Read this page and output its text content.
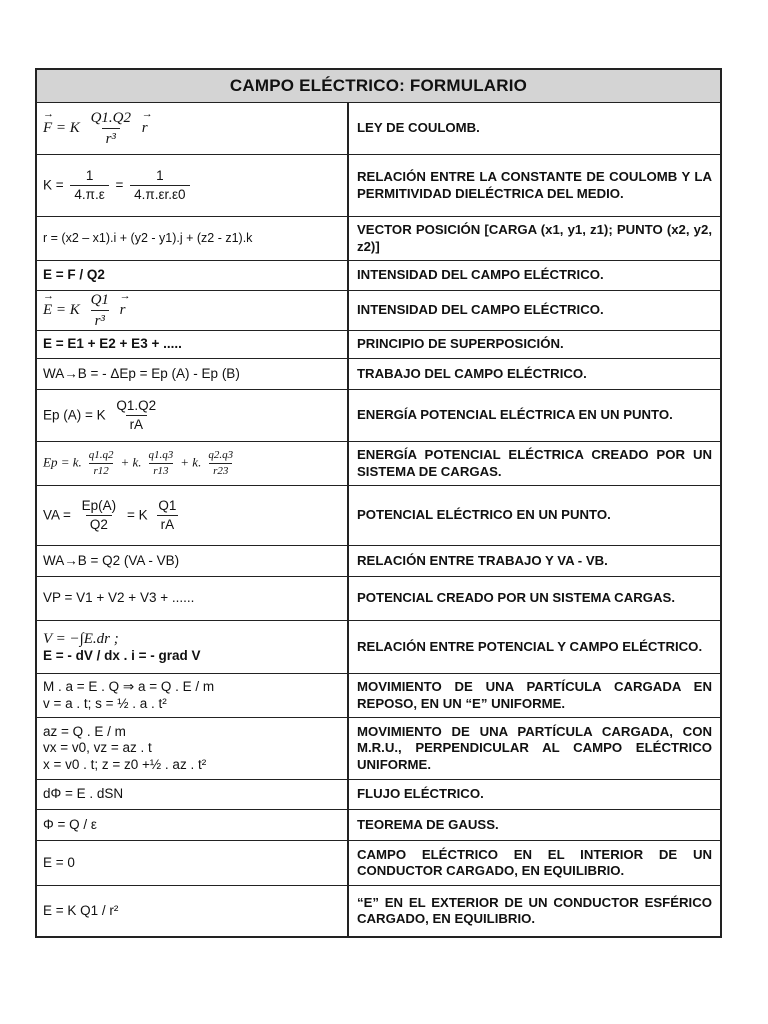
CAMPO ELÉCTRICO: FORMULARIO
→ F = K $\frac{Q1.Q2}{\text{r³}}$
→ r	LEY DE COULOMB.
$K = \frac{1}{4.\pi.\varepsilon} = \frac{1}{4.\pi.\varepsilon r.\varepsilon 0}$	RELACIÓN ENTRE LA CONSTANTE DE COULOMB Y LA PERMITIVIDAD DIELÉCTRICA DEL MEDIO.
r = (x2 – x1).i + (y2 - y1).j + (z2 - z1).k
VECTOR POSICIÓN [CARGA (x1, y1, z1); PUNTO (x2, y2, z2)]
E = F / Q2	INTENSIDAD DEL CAMPO ELÉCTRICO.
→ E = K $\frac{Q1}{\text{r³}}$
→ r	INTENSIDAD DEL CAMPO ELÉCTRICO.
E = E1 + E2 + E3 + .....	PRINCIPIO DE SUPERPOSICIÓN.
WA→B = - ΔEp = Ep (A) - Ep (B)	TRABAJO DEL CAMPO ELÉCTRICO.
Ep (A) = K $\frac{Q1.Q2}{rA}$	ENERGÍA POTENCIAL ELÉCTRICA EN UN PUNTO.
Ep = k. $\frac{q1.q2}{r12} + k$. $\frac{q1.q3}{r13} + k$. $\frac{q2.q3}{r23}$	ENERGÍA POTENCIAL ELÉCTRICA CREADO POR UN SISTEMA DE CARGAS.
VA = $\frac{Ep(A)}{Q2} = K \frac{Q1}{rA}$	POTENCIAL ELÉCTRICO EN UN PUNTO.
WA→B = Q2 (VA - VB)	RELACIÓN ENTRE TRABAJO Y VA - VB.
VP = V1 + V2 + V3 + ......	POTENCIAL CREADO POR UN SISTEMA CARGAS.
V = −∫E.dr ;
E = - dV / dx . i = - grad V
RELACIÓN ENTRE POTENCIAL Y CAMPO ELÉCTRICO.
M . a = E . Q ⇒ a = Q . E / m
v = a . t; s = ½ . a . t²
MOVIMIENTO DE UNA PARTÍCULA CARGADA EN REPOSO, EN UN “E” UNIFORME.
az = Q . E / m
vx = v0, vz = az . t
x = v0 . t; z = z0 +½ . az . t²
MOVIMIENTO DE UNA PARTÍCULA CARGADA, CON M.R.U., PERPENDICULAR AL CAMPO ELÉCTRICO UNIFORME.
dΦ = E . dSN	FLUJO ELÉCTRICO.
Φ = Q / ε	TEOREMA DE GAUSS.
E = 0
CAMPO ELÉCTRICO EN EL INTERIOR DE UN CONDUCTOR CARGADO, EN EQUILIBRIO.
E = K Q1 / r²
“E” EN EL EXTERIOR DE UN CONDUCTOR ESFÉRICO CARGADO, EN EQUILIBRIO.
